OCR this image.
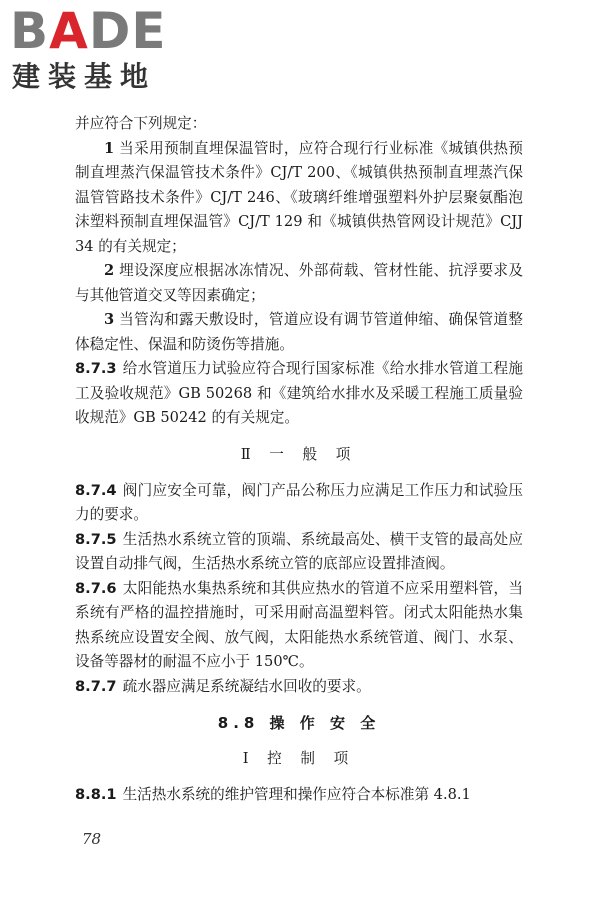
BADE
建装基地

并应符合下列规定：

1 当采用预制直埋保温管时，应符合现行行业标准《城镇供热预制直埋蒸汽保温管技术条件》CJ/T 200、《城镇供热预制直埋蒸汽保温管管路技术条件》CJ/T 246、《玻璃纤维增强塑料外护层聚氨酯泡沫塑料预制直埋保温管》CJ/T 129 和《城镇供热管网设计规范》CJJ 34 的有关规定；

2 埋设深度应根据冰冻情况、外部荷载、管材性能、抗浮要求及与其他管道交叉等因素确定；

3 当管沟和露天敷设时，管道应设有调节管道伸缩、确保管道整体稳定性、保温和防烫伤等措施。

8.7.3 给水管道压力试验应符合现行国家标准《给水排水管道工程施工及验收规范》GB 50268 和《建筑给水排水及采暖工程施工质量验收规范》GB 50242 的有关规定。

Ⅱ 一 般 项

8.7.4 阀门应安全可靠，阀门产品公称压力应满足工作压力和试验压力的要求。

8.7.5 生活热水系统立管的顶端、系统最高处、横干支管的最高处应设置自动排气阀，生活热水系统立管的底部应设置排渣阀。

8.7.6 太阳能热水集热系统和其供应热水的管道不应采用塑料管，当系统有严格的温控措施时，可采用耐高温塑料管。闭式太阳能热水集热系统应设置安全阀、放气阀，太阳能热水系统管道、阀门、水泵、设备等器材的耐温不应小于 150℃。

8.7.7 疏水器应满足系统凝结水回收的要求。

8.8 操 作 安 全
Ⅰ 控 制 项

8.8.1 生活热水系统的维护管理和操作应符合本标准第 4.8.1

78
